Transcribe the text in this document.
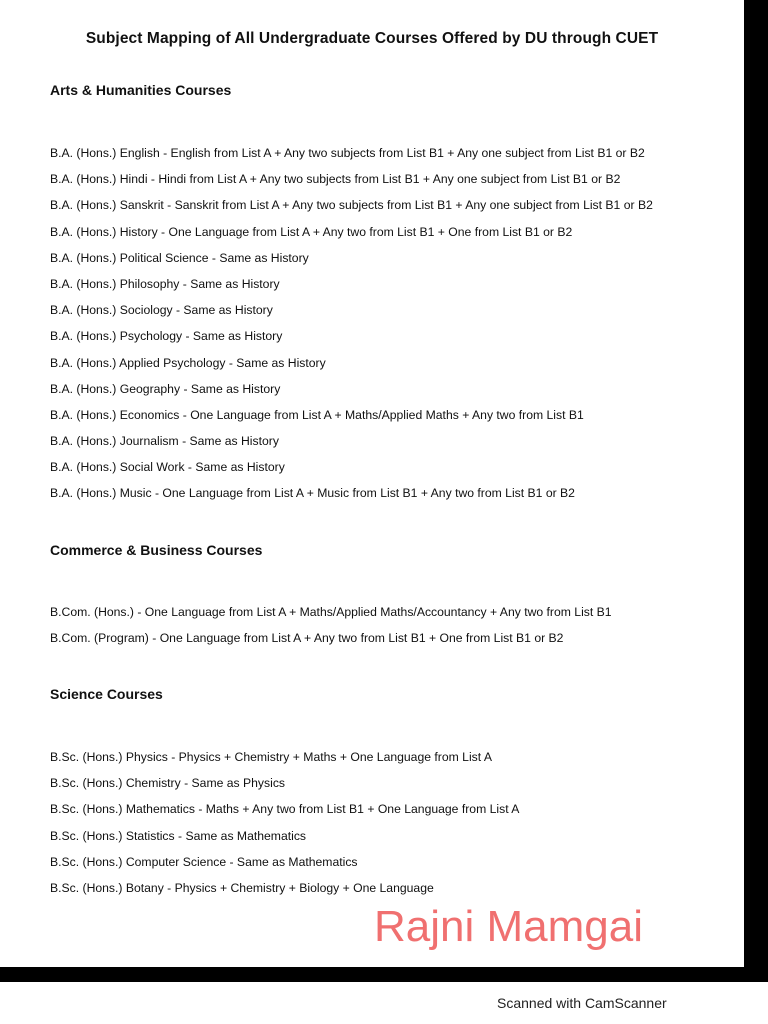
Subject Mapping of All Undergraduate Courses Offered by DU through CUET
Arts & Humanities Courses
B.A. (Hons.) English - English from List A + Any two subjects from List B1 + Any one subject from List B1 or B2
B.A. (Hons.) Hindi - Hindi from List A + Any two subjects from List B1 + Any one subject from List B1 or B2
B.A. (Hons.) Sanskrit - Sanskrit from List A + Any two subjects from List B1 + Any one subject from List B1 or B2
B.A. (Hons.) History - One Language from List A + Any two from List B1 + One from List B1 or B2
B.A. (Hons.) Political Science - Same as History
B.A. (Hons.) Philosophy - Same as History
B.A. (Hons.) Sociology - Same as History
B.A. (Hons.) Psychology - Same as History
B.A. (Hons.) Applied Psychology - Same as History
B.A. (Hons.) Geography - Same as History
B.A. (Hons.) Economics - One Language from List A + Maths/Applied Maths + Any two from List B1
B.A. (Hons.) Journalism - Same as History
B.A. (Hons.) Social Work - Same as History
B.A. (Hons.) Music - One Language from List A + Music from List B1 + Any two from List B1 or B2
Commerce & Business Courses
B.Com. (Hons.) - One Language from List A + Maths/Applied Maths/Accountancy + Any two from List B1
B.Com. (Program) - One Language from List A + Any two from List B1 + One from List B1 or B2
Science Courses
B.Sc. (Hons.) Physics - Physics + Chemistry + Maths + One Language from List A
B.Sc. (Hons.) Chemistry - Same as Physics
B.Sc. (Hons.) Mathematics - Maths + Any two from List B1 + One Language from List A
B.Sc. (Hons.) Statistics - Same as Mathematics
B.Sc. (Hons.) Computer Science - Same as Mathematics
B.Sc. (Hons.) Botany - Physics + Chemistry + Biology + One Language

Rajni Mamgai

Scanned with CamScanner
